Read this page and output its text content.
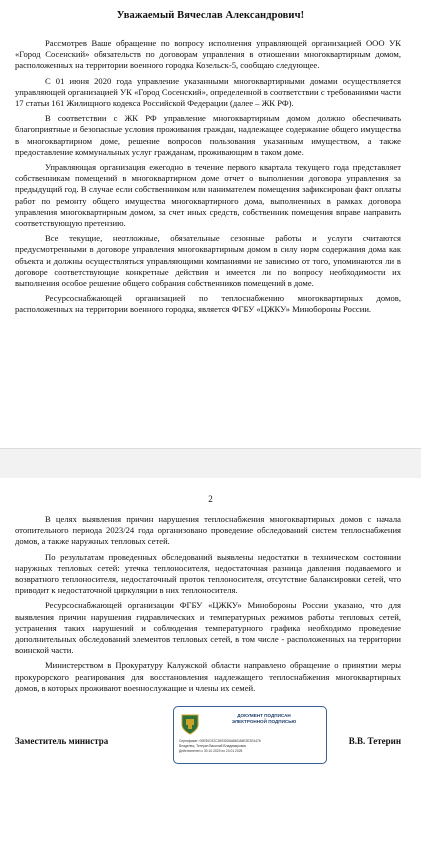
Уважаемый Вячеслав Александрович!

Рассмотрев Ваше обращение по вопросу исполнения управляющей организацией ООО УК «Город Сосенский» обязательств по договорам управления в отношении многоквартирным домом, расположенных на территории военного городка Козельск-5, сообщаю следующее.

С 01 июня 2020 года управление указанными многоквартирными домами осуществляется управляющей организацией УК «Город Сосенский», определенной в соответствии с требованиями части 17 статьи 161 Жилищного кодекса Российской Федерации (далее – ЖК РФ).

В соответствии с ЖК РФ управление многоквартирным домом должно обеспечивать благоприятные и безопасные условия проживания граждан, надлежащее содержание общего имущества в многоквартирном доме, решение вопросов пользования указанным имуществом, а также предоставление коммунальных услуг гражданам, проживающим в таком доме.

Управляющая организация ежегодно в течение первого квартала текущего года представляет собственникам помещений в многоквартирном доме отчет о выполнении договора управления за предыдущий год. В случае если собственником или нанимателем помещения зафиксирован факт оплаты работ по ремонту общего имущества многоквартирного дома, выполненных в рамках договора управления многоквартирным домом, за счет иных средств, собственник помещения вправе направить соответствующую претензию.

Все текущие, неотложные, обязательные сезонные работы и услуги считаются предусмотренными в договоре управления многоквартирным домом в силу норм содержания дома как объекта и должны осуществляться управляющими компаниями не зависимо от того, упоминаются ли в договоре соответствующие конкретные действия и имеется ли по вопросу необходимости их выполнения особое решение общего собрания собственников помещений в доме.

Ресурсоснабжающей организацией по теплоснабжению многоквартирных домов, расположенных на территории военного городка, является ФГБУ «ЦЖКУ» Минобороны России.

2

В целях выявления причин нарушения теплоснабжения многоквартирных домов с начала отопительного периода 2023/24 года организовано проведение обследований систем теплоснабжения домов, а также наружных тепловых сетей.

По результатам проведенных обследований выявлены недостатки в техническом состоянии наружных тепловых сетей: утечка теплоносителя, недостаточная разница давления подаваемого и возвратного теплоносителя, недостаточный проток теплоносителя, отсутствие балансировки сетей, что приводит к недостаточной циркуляции в них теплоносителя.

Ресурсоснабжающей организации ФГБУ «ЦЖКУ» Минобороны России указано, что для выявления причин нарушения гидравлических и температурных режимов работы тепловых сетей, устранения таких нарушений и соблюдения температурного графика необходимо проведение дополнительных обследований элементов тепловых сетей, в том числе - расположенных на территории воинской части.

Министерством в Прокуратуру Калужской области направлено обращение о принятии меры прокурорского реагирования для восстановления надлежащего теплоснабжения многоквартирных домов, в которых проживают военнослужащие и члены их семей.

Заместитель министра
ДОКУМЕНТ ПОДПИСАН
ЭЛЕКТРОННОЙ ПОДПИСЬЮ
Сертификат: 00E50C92C26930D6A86CA8E2E2E4476
Владелец: Тетерин Василий Владимирович
Действителен с 30.10.2023 по 23.01.2025
В.В. Тетерин
